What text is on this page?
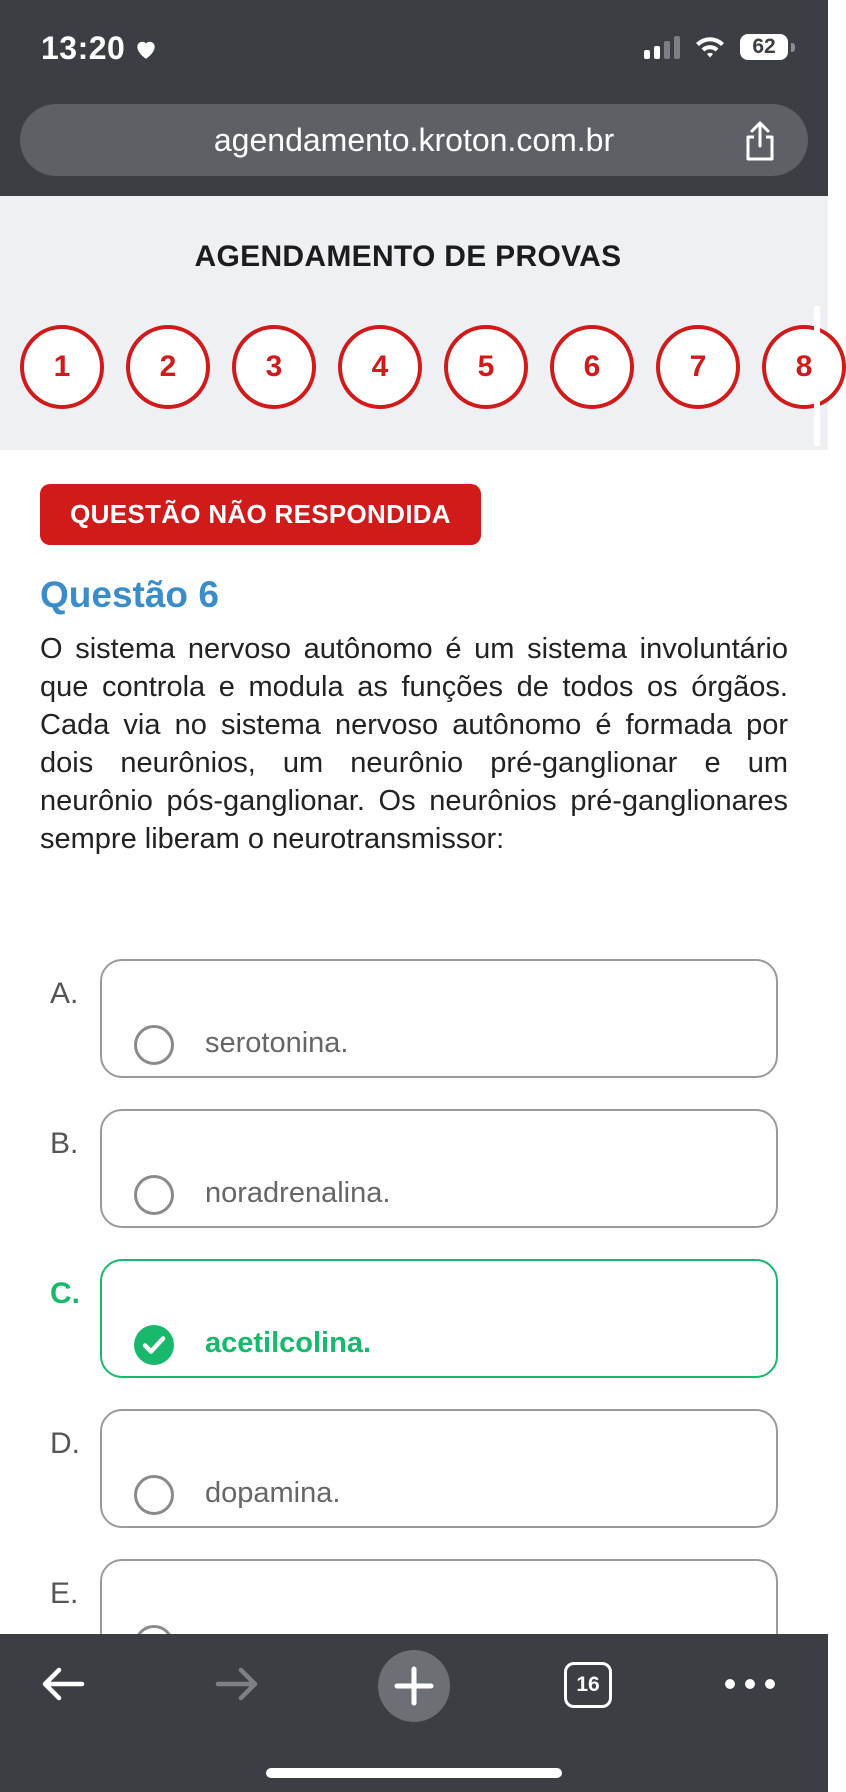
13:20	62
agendamento.kroton.com.br
AGENDAMENTO DE PROVAS
1	2	3	4	5	6	7	8
QUESTÃO NÃO RESPONDIDA
Questão 6
O sistema nervoso autônomo é um sistema involuntário que controla e modula as funções de todos os órgãos. Cada via no sistema nervoso autônomo é formada por dois neurônios, um neurônio pré-ganglionar e um neurônio pós-ganglionar. Os neurônios pré-ganglionares sempre liberam o neurotransmissor:
A.
serotonina.
B.
noradrenalina.
C.
acetilcolina.
D.
dopamina.
E.
16
